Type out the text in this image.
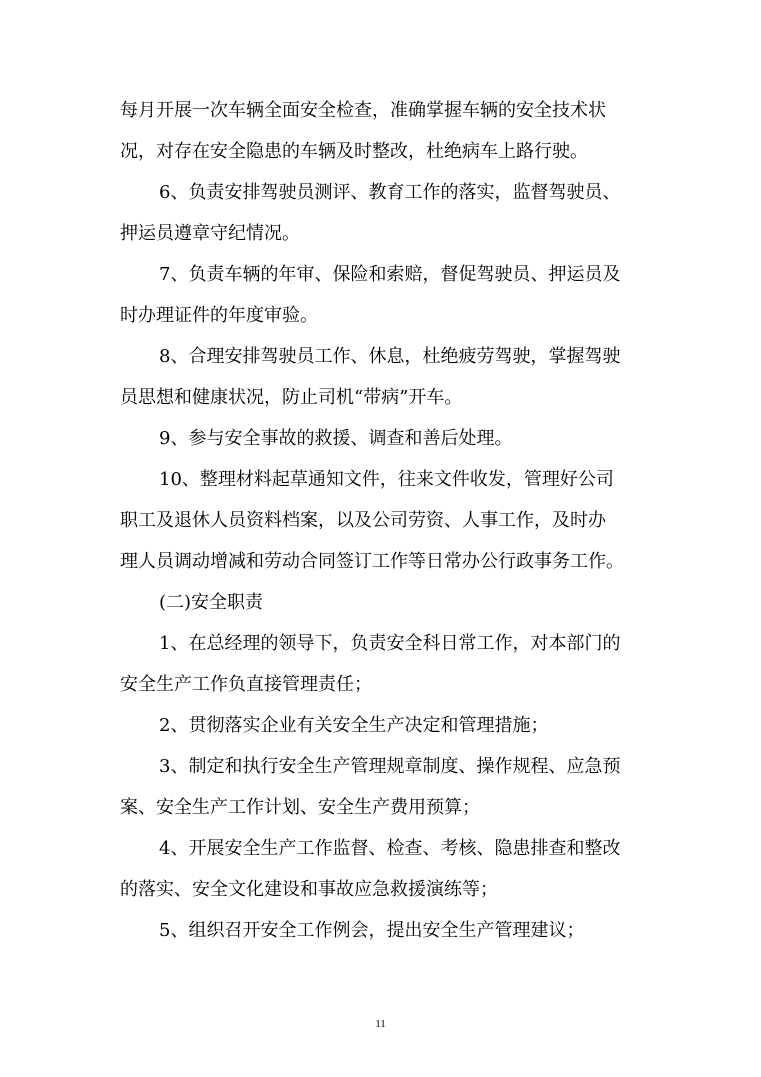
每月开展一次车辆全面安全检查，准确掌握车辆的安全技术状
况，对存在安全隐患的车辆及时整改，杜绝病车上路行驶。
6、负责安排驾驶员测评、教育工作的落实，监督驾驶员、
押运员遵章守纪情况。
7、负责车辆的年审、保险和索赔，督促驾驶员、押运员及
时办理证件的年度审验。
8、合理安排驾驶员工作、休息，杜绝疲劳驾驶，掌握驾驶
员思想和健康状况，防止司机“带病”开车。
9、参与安全事故的救援、调查和善后处理。
10、整理材料起草通知文件，往来文件收发，管理好公司
职工及退休人员资料档案，以及公司劳资、人事工作，及时办
理人员调动增减和劳动合同签订工作等日常办公行政事务工作。
(二)安全职责
1、在总经理的领导下，负责安全科日常工作，对本部门的
安全生产工作负直接管理责任；
2、贯彻落实企业有关安全生产决定和管理措施；
3、制定和执行安全生产管理规章制度、操作规程、应急预
案、安全生产工作计划、安全生产费用预算；
4、开展安全生产工作监督、检查、考核、隐患排查和整改
的落实、安全文化建设和事故应急救援演练等；
5、组织召开安全工作例会，提出安全生产管理建议；
11
